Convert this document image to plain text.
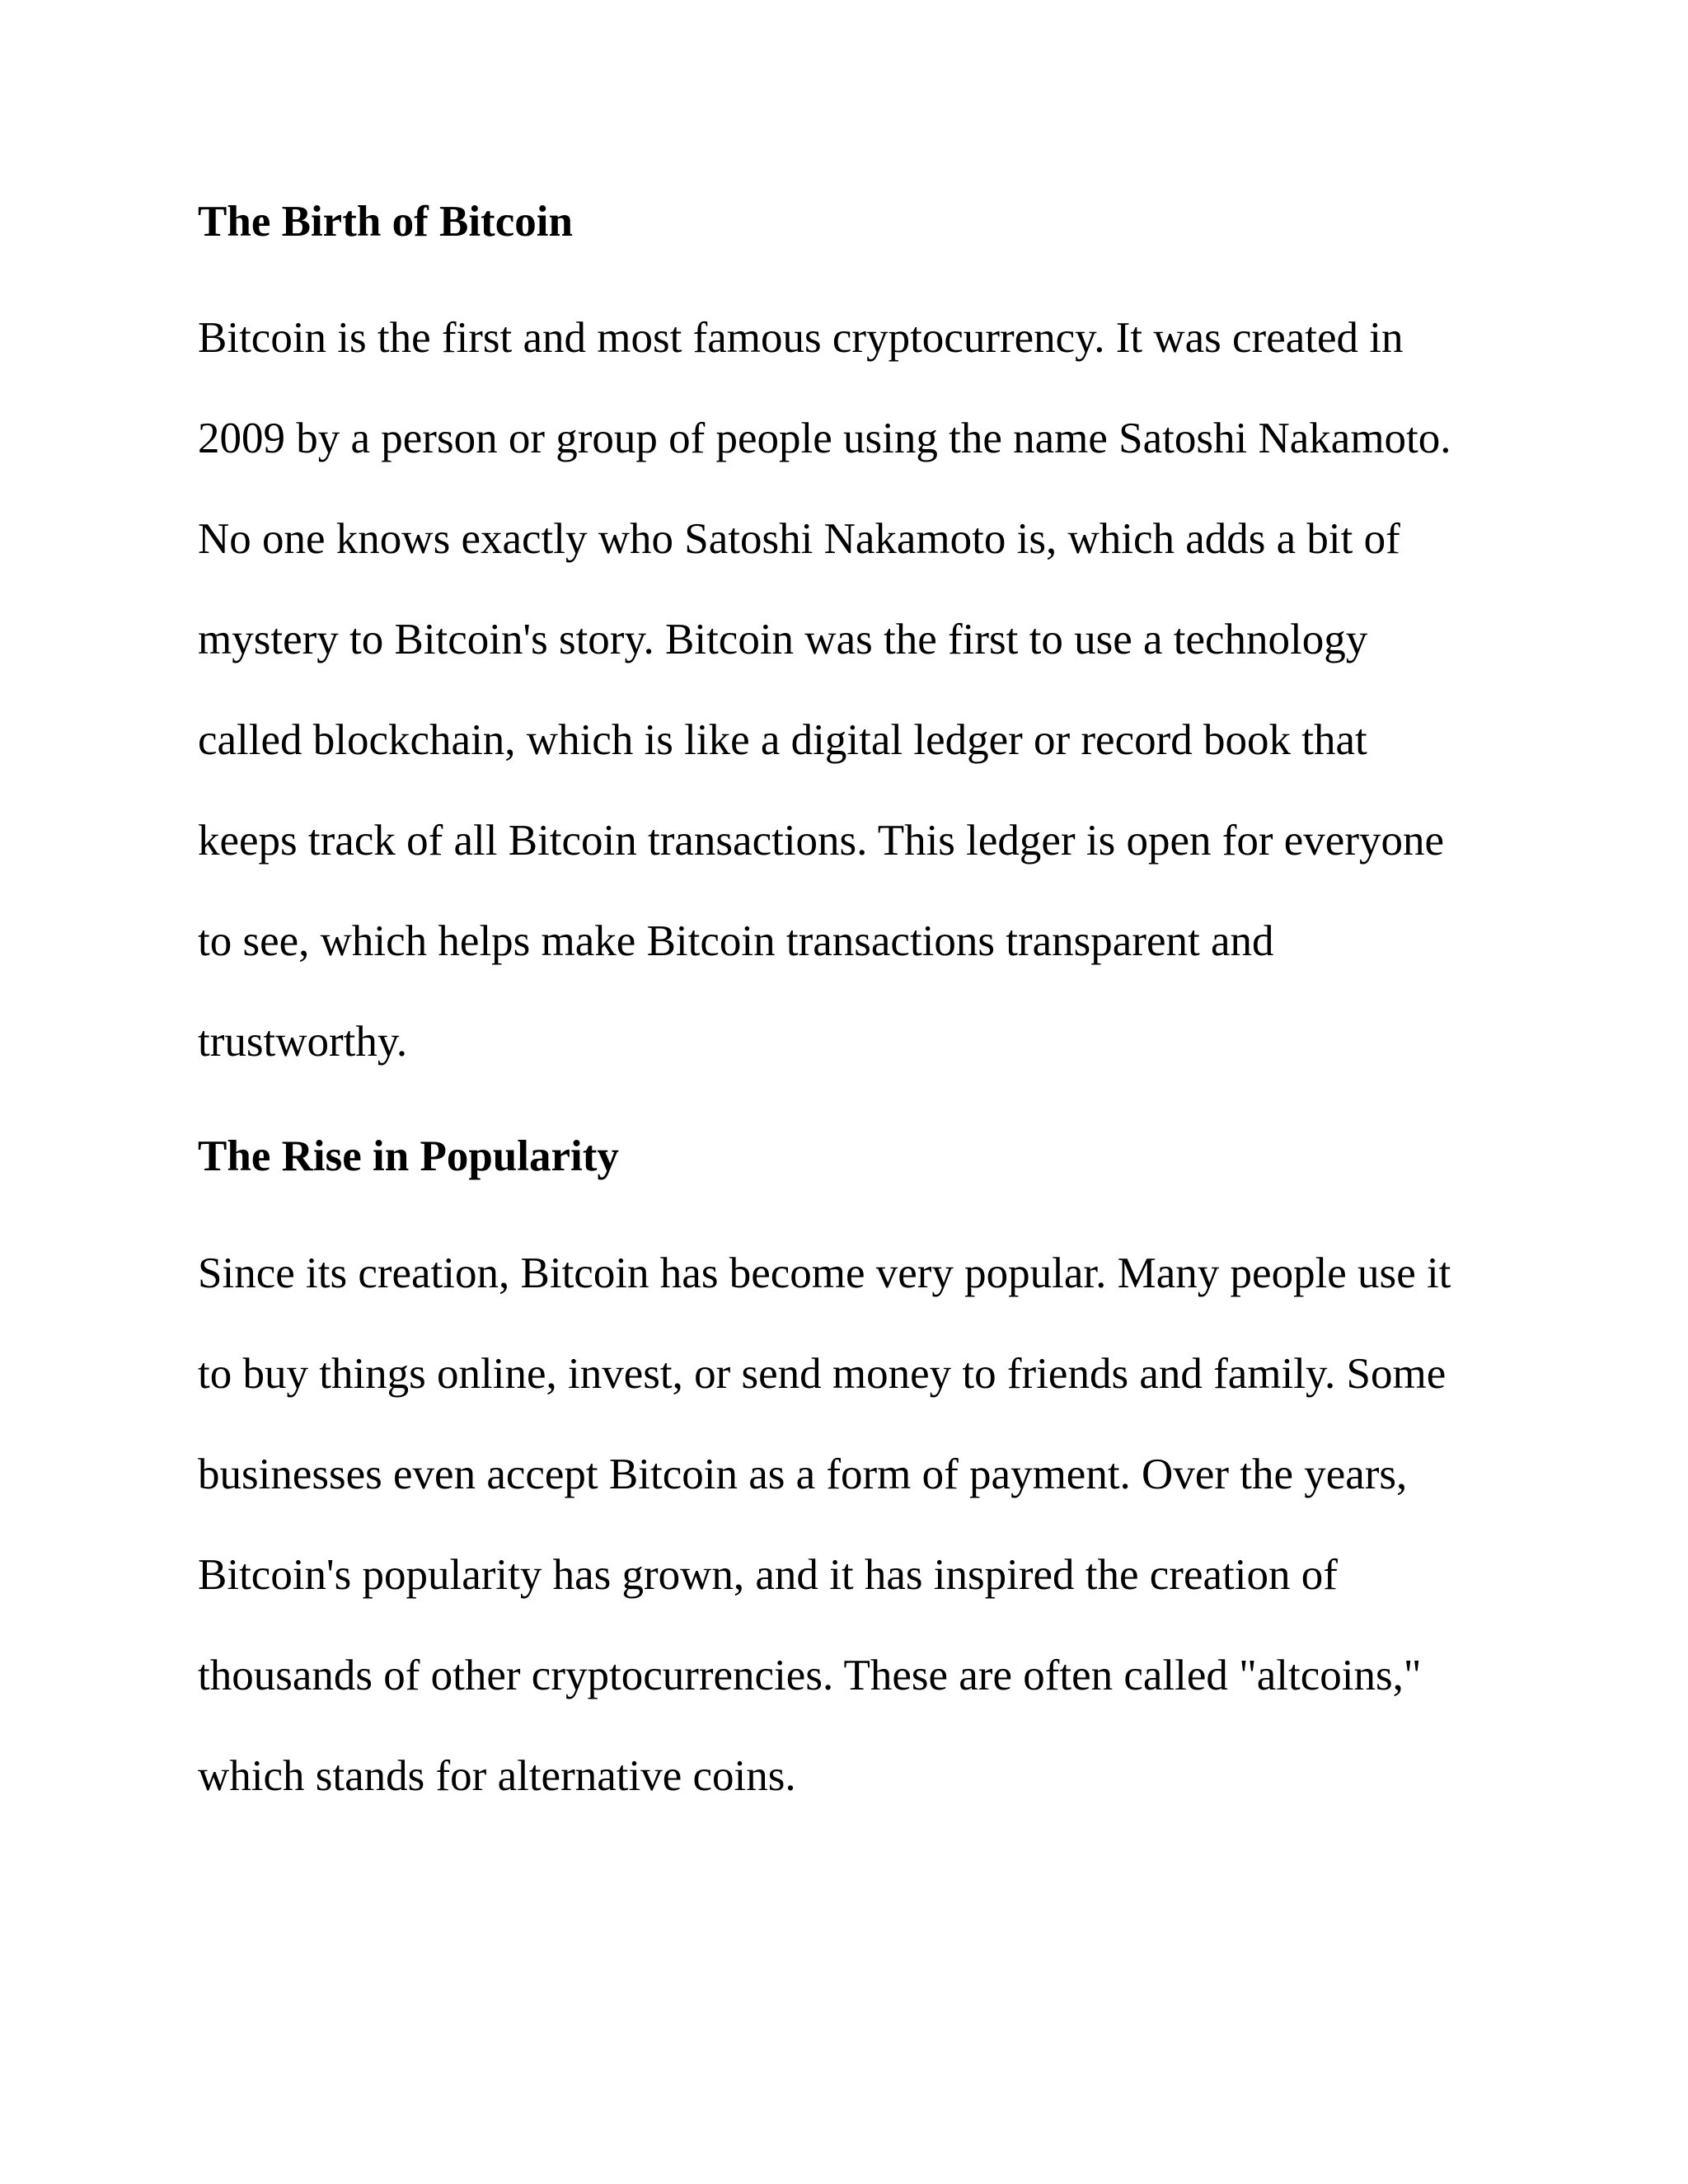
The Birth of Bitcoin

Bitcoin is the first and most famous cryptocurrency. It was created in

2009 by a person or group of people using the name Satoshi Nakamoto.

No one knows exactly who Satoshi Nakamoto is, which adds a bit of

mystery to Bitcoin's story. Bitcoin was the first to use a technology

called blockchain, which is like a digital ledger or record book that

keeps track of all Bitcoin transactions. This ledger is open for everyone

to see, which helps make Bitcoin transactions transparent and

trustworthy.

The Rise in Popularity

Since its creation, Bitcoin has become very popular. Many people use it

to buy things online, invest, or send money to friends and family. Some

businesses even accept Bitcoin as a form of payment. Over the years,

Bitcoin's popularity has grown, and it has inspired the creation of

thousands of other cryptocurrencies. These are often called "altcoins,"

which stands for alternative coins.
